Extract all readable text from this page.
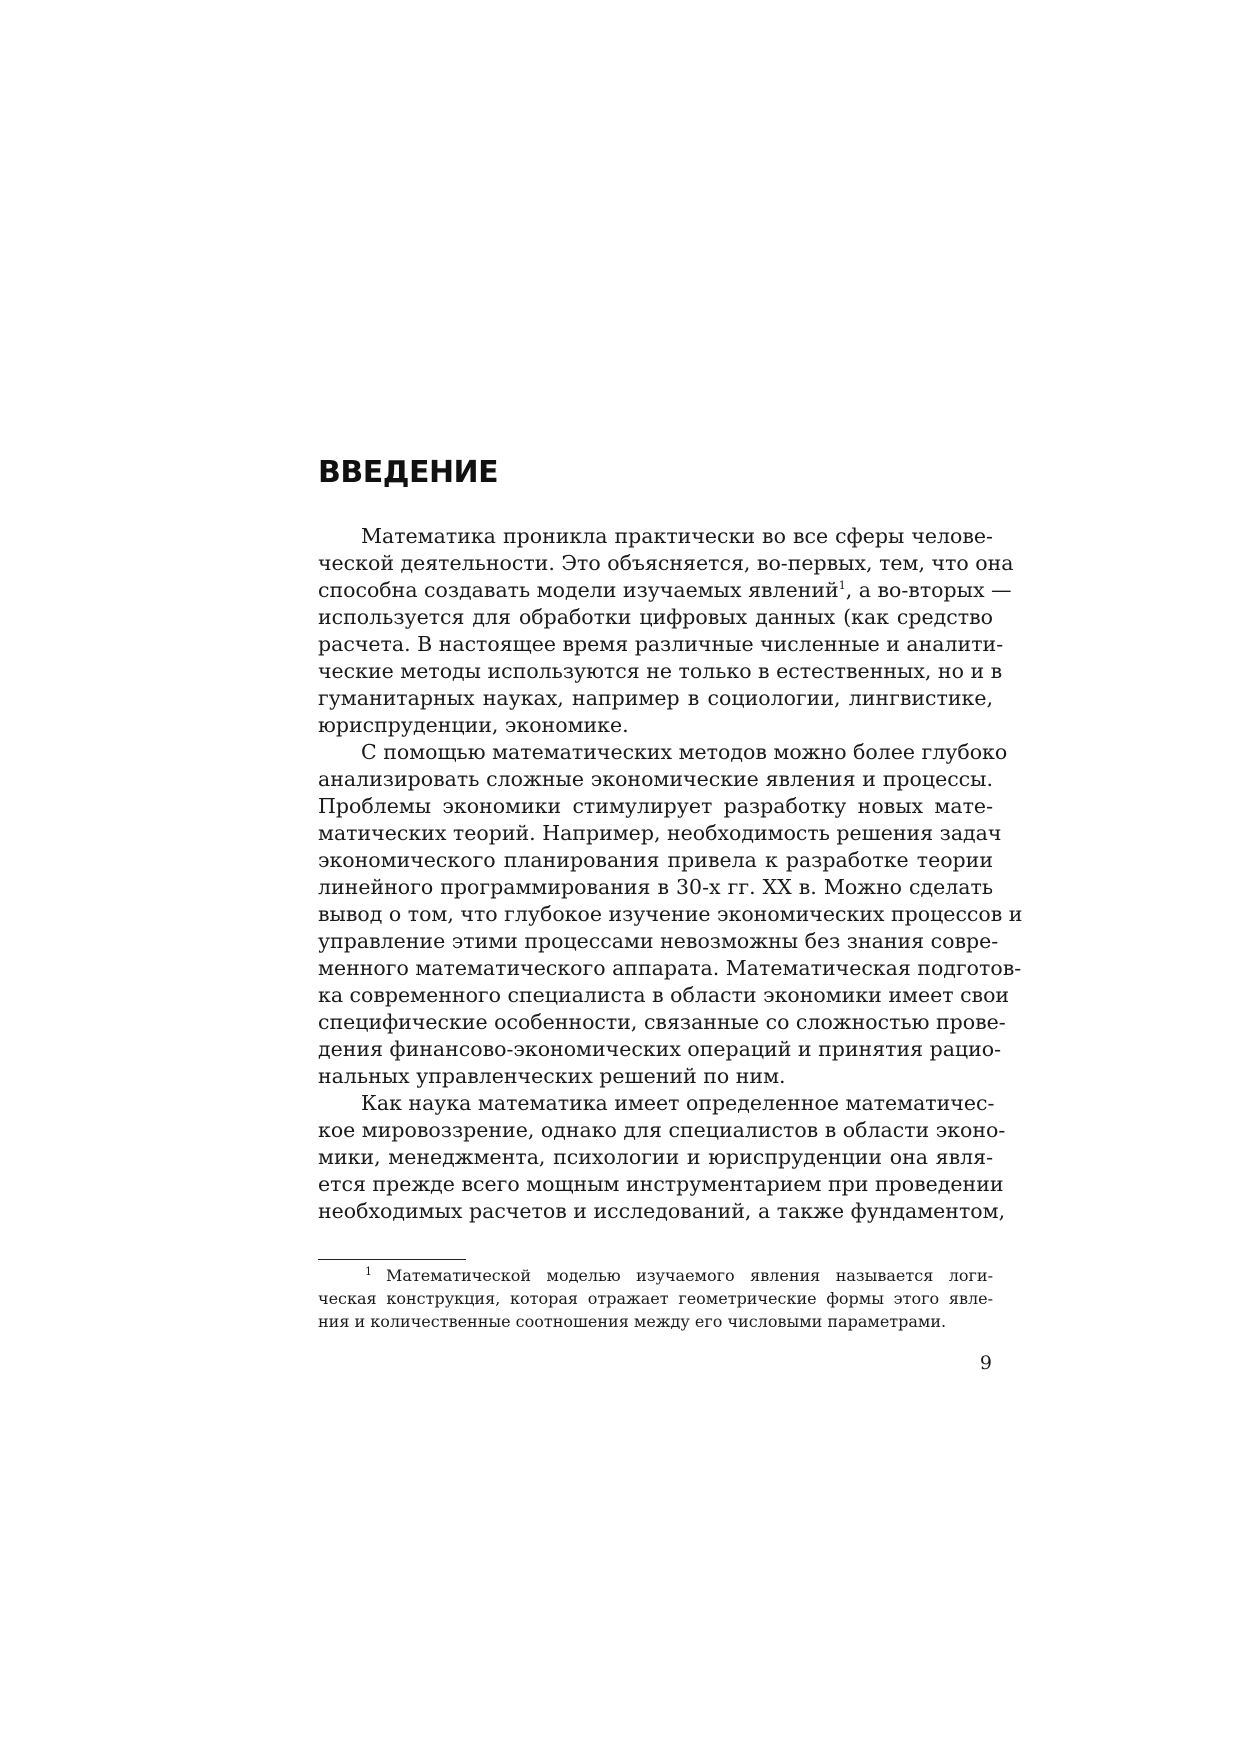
ВВЕДЕНИЕ
Математика проникла практически во все сферы челове-
ческой деятельности. Это объясняется, во-первых, тем, что она
способна создавать модели изучаемых явлений$^1$, а во-вторых —
используется для обработки цифровых данных (как средство
расчета. В настоящее время различные численные и аналити-
ческие методы используются не только в естественных, но и в
гуманитарных науках, например в социологии, лингвистике,
юриспруденции, экономике.
С помощью математических методов можно более глубоко
анализировать сложные экономические явления и процессы.
Проблемы экономики стимулирует разработку новых мате-
матических теорий. Например, необходимость решения задач
экономического планирования привела к разработке теории
линейного программирования в 30-х гг. XX в. Можно сделать
вывод о том, что глубокое изучение экономических процессов и
управление этими процессами невозможны без знания совре-
менного математического аппарата. Математическая подготов-
ка современного специалиста в области экономики имеет свои
специфические особенности, связанные со сложностью прове-
дения финансово-экономических операций и принятия рацио-
нальных управленческих решений по ним.
Как наука математика имеет определенное математичес-
кое мировоззрение, однако для специалистов в области эконо-
мики, менеджмента, психологии и юриспруденции она явля-
ется прежде всего мощным инструментарием при проведении
необходимых расчетов и исследований, а также фундаментом,
1 Математической моделью изучаемого явления называется логи-
ческая конструкция, которая отражает геометрические формы этого явле-
ния и количественные соотношения между его числовыми параметрами.
9
